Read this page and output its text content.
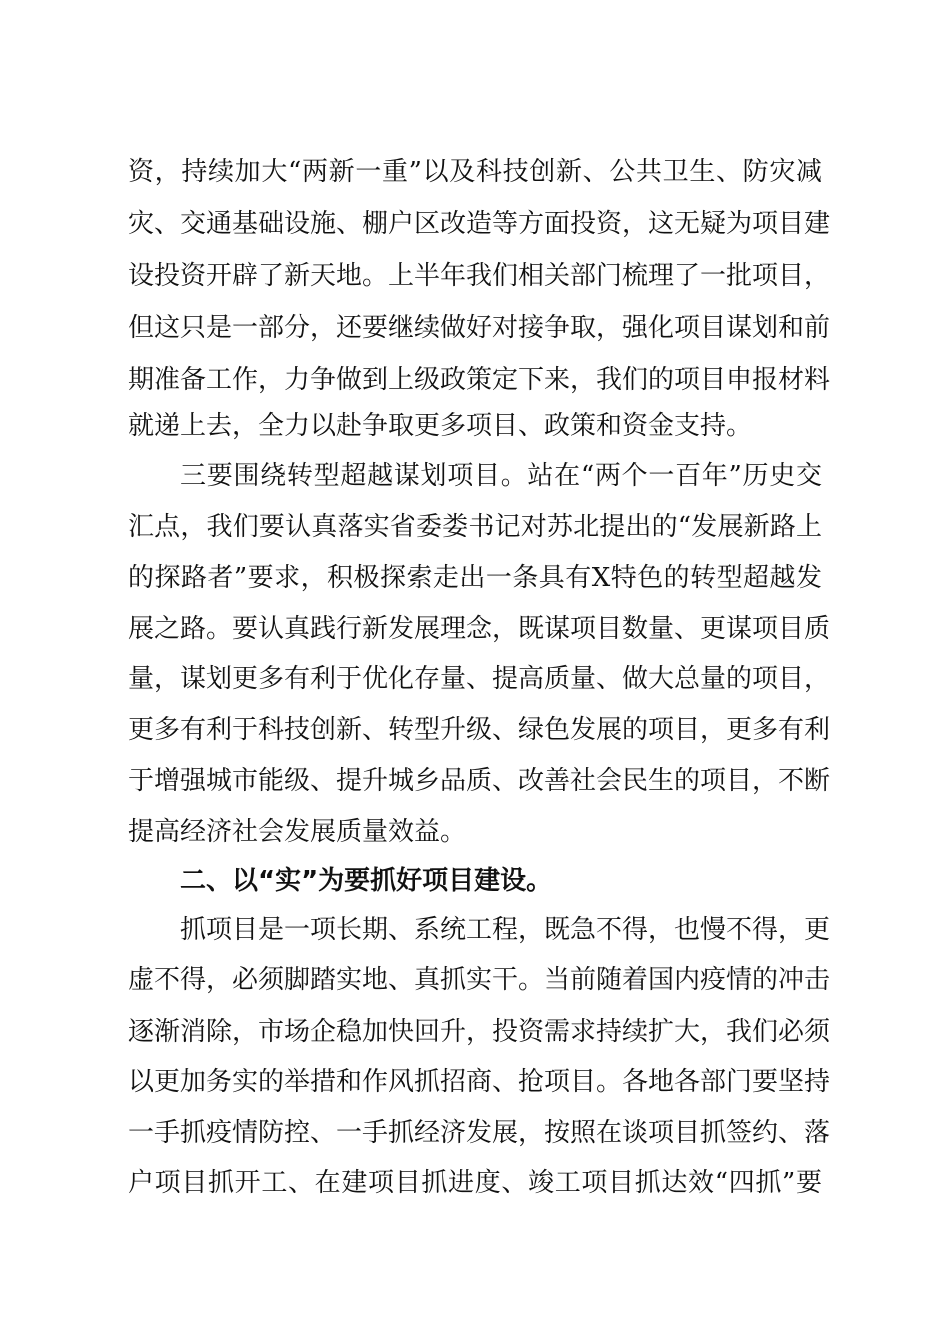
资，持续加大“两新一重”以及科技创新、公共卫生、防灾减
灾、交通基础设施、棚户区改造等方面投资，这无疑为项目建
设投资开辟了新天地。上半年我们相关部门梳理了一批项目，
但这只是一部分，还要继续做好对接争取，强化项目谋划和前
期准备工作，力争做到上级政策定下来，我们的项目申报材料
就递上去，全力以赴争取更多项目、政策和资金支持。
三要围绕转型超越谋划项目。站在“两个一百年”历史交
汇点，我们要认真落实省委娄书记对苏北提出的“发展新路上
的探路者”要求，积极探索走出一条具有X特色的转型超越发
展之路。要认真践行新发展理念，既谋项目数量、更谋项目质
量，谋划更多有利于优化存量、提高质量、做大总量的项目，
更多有利于科技创新、转型升级、绿色发展的项目，更多有利
于增强城市能级、提升城乡品质、改善社会民生的项目，不断
提高经济社会发展质量效益。
二、以“实”为要抓好项目建设。
抓项目是一项长期、系统工程，既急不得，也慢不得，更
虚不得，必须脚踏实地、真抓实干。当前随着国内疫情的冲击
逐渐消除，市场企稳加快回升，投资需求持续扩大，我们必须
以更加务实的举措和作风抓招商、抢项目。各地各部门要坚持
一手抓疫情防控、一手抓经济发展，按照在谈项目抓签约、落
户项目抓开工、在建项目抓进度、竣工项目抓达效“四抓”要
